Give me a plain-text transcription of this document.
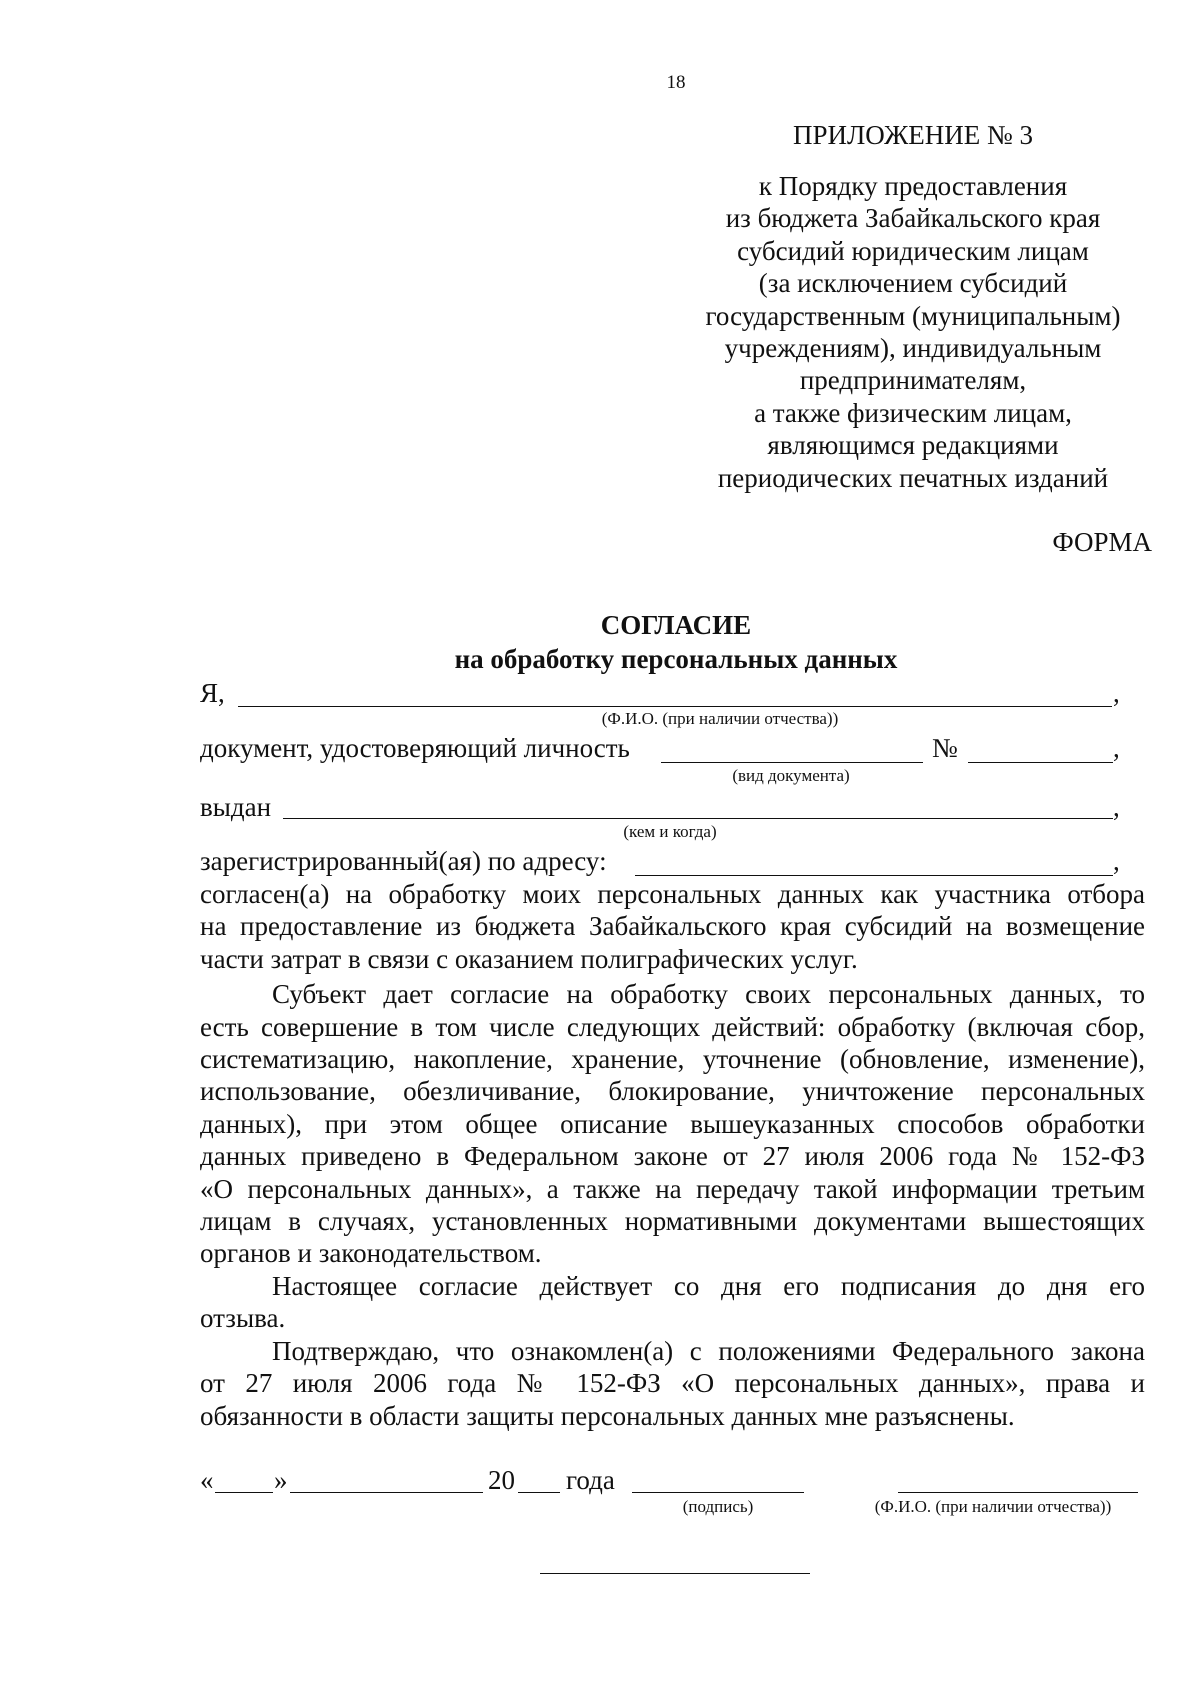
18
ПРИЛОЖЕНИЕ № 3
к Порядку предоставления
из бюджета Забайкальского края
субсидий юридическим лицам
(за исключением субсидий
государственным (муниципальным)
учреждениям), индивидуальным
предпринимателям,
а также физическим лицам,
являющимся редакциями
периодических печатных изданий
ФОРМА
СОГЛАСИЕ
на обработку персональных данных
Я,	,
(Ф.И.О. (при наличии отчества))
документ, удостоверяющий личность	№	,
(вид документа)
выдан	,
(кем и когда)
зарегистрированный(ая) по адресу:	,

согласен(а) на обработку моих персональных данных как участника отбора
на предоставление из бюджета Забайкальского края субсидий на возмещение
части затрат в связи с оказанием полиграфических услуг.

Субъект дает согласие на обработку своих персональных данных, то
есть совершение в том числе следующих действий: обработку (включая сбор,
систематизацию, накопление, хранение, уточнение (обновление, изменение),
использование, обезличивание, блокирование, уничтожение персональных
данных), при этом общее описание вышеуказанных способов обработки
данных приведено в Федеральном законе от 27 июля 2006 года № 152-ФЗ
«О персональных данных», а также на передачу такой информации третьим
лицам в случаях, установленных нормативными документами вышестоящих
органов и законодательством.

Настоящее согласие действует со дня его подписания до дня его
отзыва.

Подтверждаю, что ознакомлен(а) с положениями Федерального закона
от 27 июля 2006 года № 152-ФЗ «О персональных данных», права и
обязанности в области защиты персональных данных мне разъяснены.

« »	20 года
(подпись)	(Ф.И.О. (при наличии отчества))
